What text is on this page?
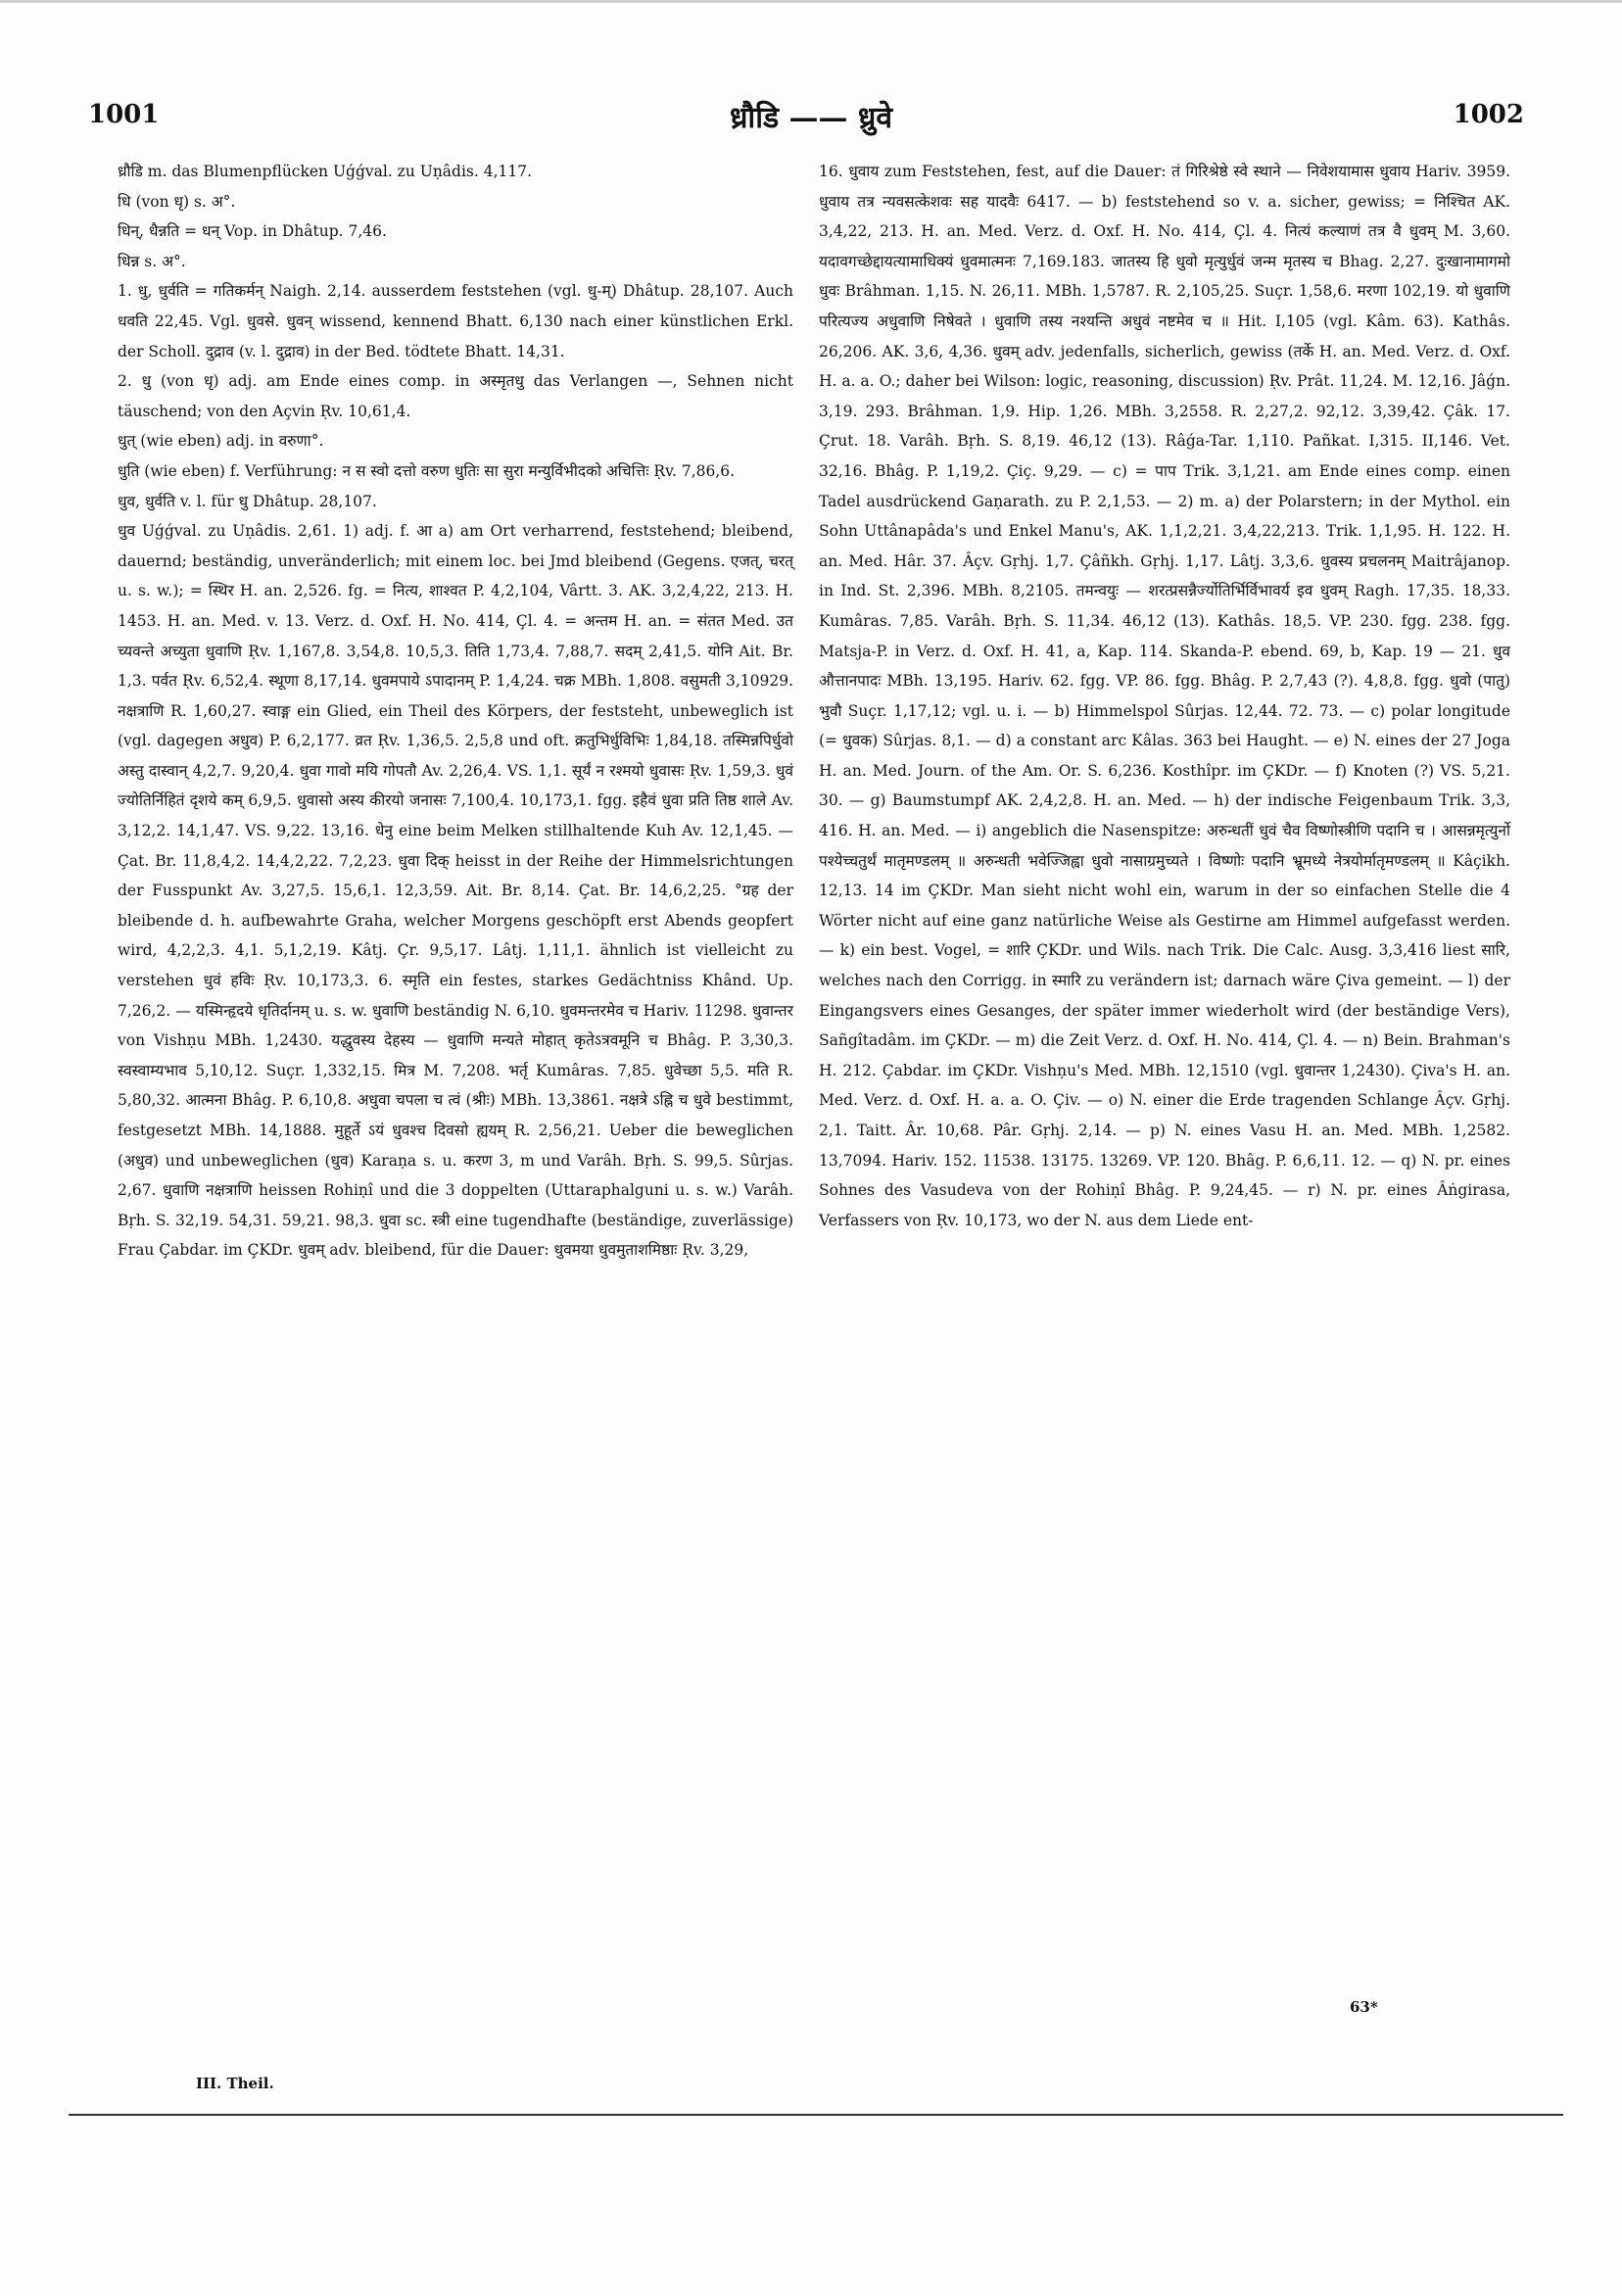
1001	ध्रौडि —— ध्रुवे	1002

ध्रौडि m. das Blumenpflücken Uǵǵval. zu Uṇâdis. 4,117.

धि (von धृ) s. अ°.

धिन्, धैन्नति = धन् Vop. in Dhâtup. 7,46.

धिन्न s. अ°.

1. धु, धुर्वति = गतिकर्मन् Naigh. 2,14. ausserdem feststehen (vgl. धु-म्) Dhâtup. 28,107. Auch धवति 22,45. Vgl. धुवसे. धुवन् wissend, kennend Bhatt. 6,130 nach einer künstlichen Erkl. der Scholl. दुद्राव (v. l. दुद्राव) in der Bed. tödtete Bhatt. 14,31.

2. धु (von धृ) adj. am Ende eines comp. in अस्मृतधु das Verlangen —, Sehnen nicht täuschend; von den Açvin Ṛv. 10,61,4.

धुत् (wie eben) adj. in वरुणा°.

धुति (wie eben) f. Verführung: न स स्वो दत्तो वरुण धुतिः सा सुरा मन्युर्विभीदको अचित्तिः Ṛv. 7,86,6.

धुव, धुर्वति v. l. für धु Dhâtup. 28,107.

धुव Uǵǵval. zu Uṇâdis. 2,61. 1) adj. f. आ a) am Ort verharrend, feststehend; bleibend, dauernd; beständig, unveränderlich; mit einem loc. bei Jmd bleibend (Gegens. एजत्, चरत् u. s. w.); = स्थिर H. an. 2,526. fg. = नित्य, शाश्वत P. 4,2,104, Vârtt. 3. AK. 3,2,4,22, 213. H. 1453. H. an. Med. v. 13. Verz. d. Oxf. H. No. 414, Çl. 4. = अन्तम H. an. = संतत Med. उत च्यवन्ते अच्युता धुवाणि Ṛv. 1,167,8. 3,54,8. 10,5,3. तिति 1,73,4. 7,88,7. सदम् 2,41,5. योनि Ait. Br. 1,3. पर्वत Ṛv. 6,52,4. स्थूणा 8,17,14. धुवमपाये ऽपादानम् P. 1,4,24. चक्र MBh. 1,808. वसुमती 3,10929. नक्षत्राणि R. 1,60,27. स्वाङ्ग ein Glied, ein Theil des Körpers, der feststeht, unbeweglich ist (vgl. dagegen अधुव) P. 6,2,177. व्रत Ṛv. 1,36,5. 2,5,8 und oft. क्रतुभिर्धुविभिः 1,84,18. तस्मिन्नपिर्धुवो अस्तु दास्वान् 4,2,7. 9,20,4. धुवा गावो मयि गोपतौ Av. 2,26,4. VS. 1,1. सूर्यं न रश्मयो धुवासः Ṛv. 1,59,3. धुवं ज्योतिर्निहितं दृशये कम् 6,9,5. धुवासो अस्य कीरयो जनासः 7,100,4. 10,173,1. fgg. इहैवं धुवा प्रति तिष्ठ शाले Av. 3,12,2. 14,1,47. VS. 9,22. 13,16. धेनु eine beim Melken stillhaltende Kuh Av. 12,1,45. — Çat. Br. 11,8,4,2. 14,4,2,22. 7,2,23. धुवा दिक् heisst in der Reihe der Himmelsrichtungen der Fusspunkt Av. 3,27,5. 15,6,1. 12,3,59. Ait. Br. 8,14. Çat. Br. 14,6,2,25. °ग्रह der bleibende d. h. aufbewahrte Graha, welcher Morgens geschöpft erst Abends geopfert wird, 4,2,2,3. 4,1. 5,1,2,19. Kâtj. Çr. 9,5,17. Lâtj. 1,11,1. ähnlich ist vielleicht zu verstehen धुवं हविः Ṛv. 10,173,3. 6. स्मृति ein festes, starkes Gedächtniss Khând. Up. 7,26,2. — यस्मिन्हृदये धृतिर्दानम् u. s. w. धुवाणि beständig N. 6,10. धुवमन्तरमेव च Hariv. 11298. धुवान्तर von Vishṇu MBh. 1,2430. यद्धुवस्य देहस्य — धुवाणि मन्यते मोहात् कृतेऽत्रवमूनि च Bhâg. P. 3,30,3. स्वस्वाम्यभाव 5,10,12. Suçr. 1,332,15. मित्र M. 7,208. भर्तृ Kumâras. 7,85. धुवेच्छा 5,5. मति R. 5,80,32. आत्मना Bhâg. P. 6,10,8. अधुवा चपला च त्वं (श्रीः) MBh. 13,3861. नक्षत्रे ऽह्नि च धुवे bestimmt, festgesetzt MBh. 14,1888. मुहूर्ते ऽयं धुवश्च दिवसो ह्ययम् R. 2,56,21. Ueber die beweglichen (अधुव) und unbeweglichen (धुव) Karaṇa s. u. करण 3, m und Varâh. Bṛh. S. 99,5. Sûrjas. 2,67. धुवाणि नक्षत्राणि heissen Rohiṇî und die 3 doppelten (Uttaraphalguni u. s. w.) Varâh. Bṛh. S. 32,19. 54,31. 59,21. 98,3. धुवा sc. स्त्री eine tugendhafte (beständige, zuverlässige) Frau Çabdar. im ÇKDr. धुवम् adv. bleibend, für die Dauer: धुवमया धुवमुताशमिष्ठाः Ṛv. 3,29,

16. धुवाय zum Feststehen, fest, auf die Dauer: तं गिरिश्रेष्ठे स्वे स्थाने — निवेशयामास धुवाय Hariv. 3959. धुवाय तत्र न्यवसत्केशवः सह यादवैः 6417. — b) feststehend so v. a. sicher, gewiss; = निश्चित AK. 3,4,22, 213. H. an. Med. Verz. d. Oxf. H. No. 414, Çl. 4. नित्यं कल्याणं तत्र वै धुवम् M. 3,60. यदावगच्छेद्दायत्यामाधिक्यं धुवमात्मनः 7,169.183. जातस्य हि धुवो मृत्युर्धुवं जन्म मृतस्य च Bhag. 2,27. दुःखानामागमो धुवः Brâhman. 1,15. N. 26,11. MBh. 1,5787. R. 2,105,25. Suçr. 1,58,6. मरणा 102,19. यो धुवाणि परित्यज्य अधुवाणि निषेवते । धुवाणि तस्य नश्यन्ति अधुवं नष्टमेव च ॥ Hit. I,105 (vgl. Kâm. 63). Kathâs. 26,206. AK. 3,6, 4,36. धुवम् adv. jedenfalls, sicherlich, gewiss (तर्के H. an. Med. Verz. d. Oxf. H. a. a. O.; daher bei Wilson: logic, reasoning, discussion) Ṛv. Prât. 11,24. M. 12,16. Jâǵn. 3,19. 293. Brâhman. 1,9. Hip. 1,26. MBh. 3,2558. R. 2,27,2. 92,12. 3,39,42. Çâk. 17. Çrut. 18. Varâh. Bṛh. S. 8,19. 46,12 (13). Râǵa-Tar. 1,110. Pañkat. I,315. II,146. Vet. 32,16. Bhâg. P. 1,19,2. Çiç. 9,29. — c) = पाप Trik. 3,1,21. am Ende eines comp. einen Tadel ausdrückend Gaṇarath. zu P. 2,1,53. — 2) m. a) der Polarstern; in der Mythol. ein Sohn Uttânapâda's und Enkel Manu's, AK. 1,1,2,21. 3,4,22,213. Trik. 1,1,95. H. 122. H. an. Med. Hâr. 37. Âçv. Gṛhj. 1,7. Çâñkh. Gṛhj. 1,17. Lâtj. 3,3,6. धुवस्य प्रचलनम् Maitrâjanop. in Ind. St. 2,396. MBh. 8,2105. तमन्वयुः — शरत्प्रसन्नैर्ज्योतिर्भिर्विभावर्य इव धुवम् Ragh. 17,35. 18,33. Kumâras. 7,85. Varâh. Bṛh. S. 11,34. 46,12 (13). Kathâs. 18,5. VP. 230. fgg. 238. fgg. Matsja-P. in Verz. d. Oxf. H. 41, a, Kap. 114. Skanda-P. ebend. 69, b, Kap. 19 — 21. धुव औत्तानपादः MBh. 13,195. Hariv. 62. fgg. VP. 86. fgg. Bhâg. P. 2,7,43 (?). 4,8,8. fgg. धुवो (पातु) भुवौ Suçr. 1,17,12; vgl. u. i. — b) Himmelspol Sûrjas. 12,44. 72. 73. — c) polar longitude (= धुवक) Sûrjas. 8,1. — d) a constant arc Kâlas. 363 bei Haught. — e) N. eines der 27 Joga H. an. Med. Journ. of the Am. Or. S. 6,236. Kosthîpr. im ÇKDr. — f) Knoten (?) VS. 5,21. 30. — g) Baumstumpf AK. 2,4,2,8. H. an. Med. — h) der indische Feigenbaum Trik. 3,3, 416. H. an. Med. — i) angeblich die Nasenspitze: अरुन्धतीं धुवं चैव विष्णोस्त्रीणि पदानि च । आसन्नमृत्युर्नो पश्येच्चतुर्थं मातृमण्डलम् ॥ अरुन्धती भवेज्जिह्वा धुवो नासाग्रमुच्यते । विष्णोः पदानि भ्रूमध्ये नेत्रयोर्मातृमण्डलम् ॥ Kâçikh. 12,13. 14 im ÇKDr. Man sieht nicht wohl ein, warum in der so einfachen Stelle die 4 Wörter nicht auf eine ganz natürliche Weise als Gestirne am Himmel aufgefasst werden. — k) ein best. Vogel, = शारि ÇKDr. und Wils. nach Trik. Die Calc. Ausg. 3,3,416 liest सारि, welches nach den Corrigg. in स्मारि zu verändern ist; darnach wäre Çiva gemeint. — l) der Eingangsvers eines Gesanges, der später immer wiederholt wird (der beständige Vers), Sañgîtadâm. im ÇKDr. — m) die Zeit Verz. d. Oxf. H. No. 414, Çl. 4. — n) Bein. Brahman's H. 212. Çabdar. im ÇKDr. Vishṇu's Med. MBh. 12,1510 (vgl. धुवान्तर 1,2430). Çiva's H. an. Med. Verz. d. Oxf. H. a. a. O. Çiv. — o) N. einer die Erde tragenden Schlange Âçv. Gṛhj. 2,1. Taitt. Âr. 10,68. Pâr. Gṛhj. 2,14. — p) N. eines Vasu H. an. Med. MBh. 1,2582. 13,7094. Hariv. 152. 11538. 13175. 13269. VP. 120. Bhâg. P. 6,6,11. 12. — q) N. pr. eines Sohnes des Vasudeva von der Rohiṇî Bhâg. P. 9,24,45. — r) N. pr. eines Âṅgirasa, Verfassers von Ṛv. 10,173, wo der N. aus dem Liede ent-

III. Theil.
63*
